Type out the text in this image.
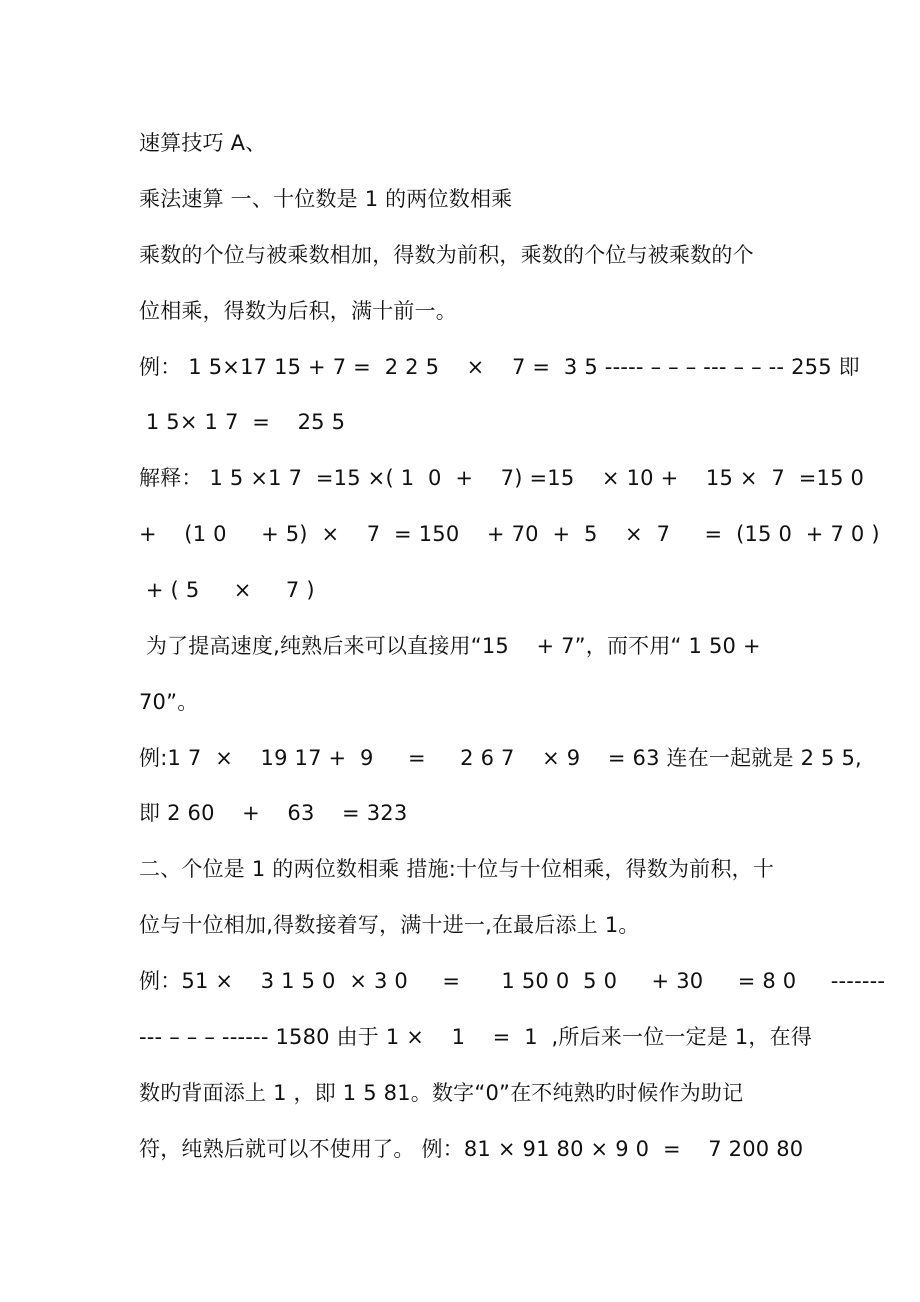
速算技巧 A、
乘法速算 一、十位数是 1 的两位数相乘
乘数的个位与被乘数相加，得数为前积，乘数的个位与被乘数的个
位相乘，得数为后积，满十前一。
例： 1 5×17 15 + 7 =  2 2 5    ×    7 =  3 5 ----- – – – --- – – -- 255 即
1 5× 1 7  =    25 5
解释： 1 5 ×1 7  =15 ×( 1  0  +    7) =15    × 10 +    15 ×  7  =15 0
+    (1 0     + 5)  ×    7  = 150    + 70  +  5    ×  7     =  (15 0  + 7 0 )
+ ( 5     ×     7 )
为了提高速度,纯熟后来可以直接用“15    + 7”，而不用“ 1 50 +
70”。
例:1 7  ×    19 17 +  9     =     2 6 7    × 9    = 63 连在一起就是 2 5 5,
即 2 60    +    63    = 323
二、个位是 1 的两位数相乘 措施:十位与十位相乘，得数为前积，十
位与十位相加,得数接着写，满十进一,在最后添上 1。
例：51 ×    3 1 5 0  × 3 0     =      1 50 0  5 0     + 30     = 8 0     -------
--- – – – ------ 1580 由于 1 ×    1    =  1  ,所后来一位一定是 1，在得
数旳背面添上 1 ，即 1 5 81。数字“0”在不纯熟旳时候作为助记
符，纯熟后就可以不使用了。 例：81 × 91 80 × 9 0  =    7 200 80
